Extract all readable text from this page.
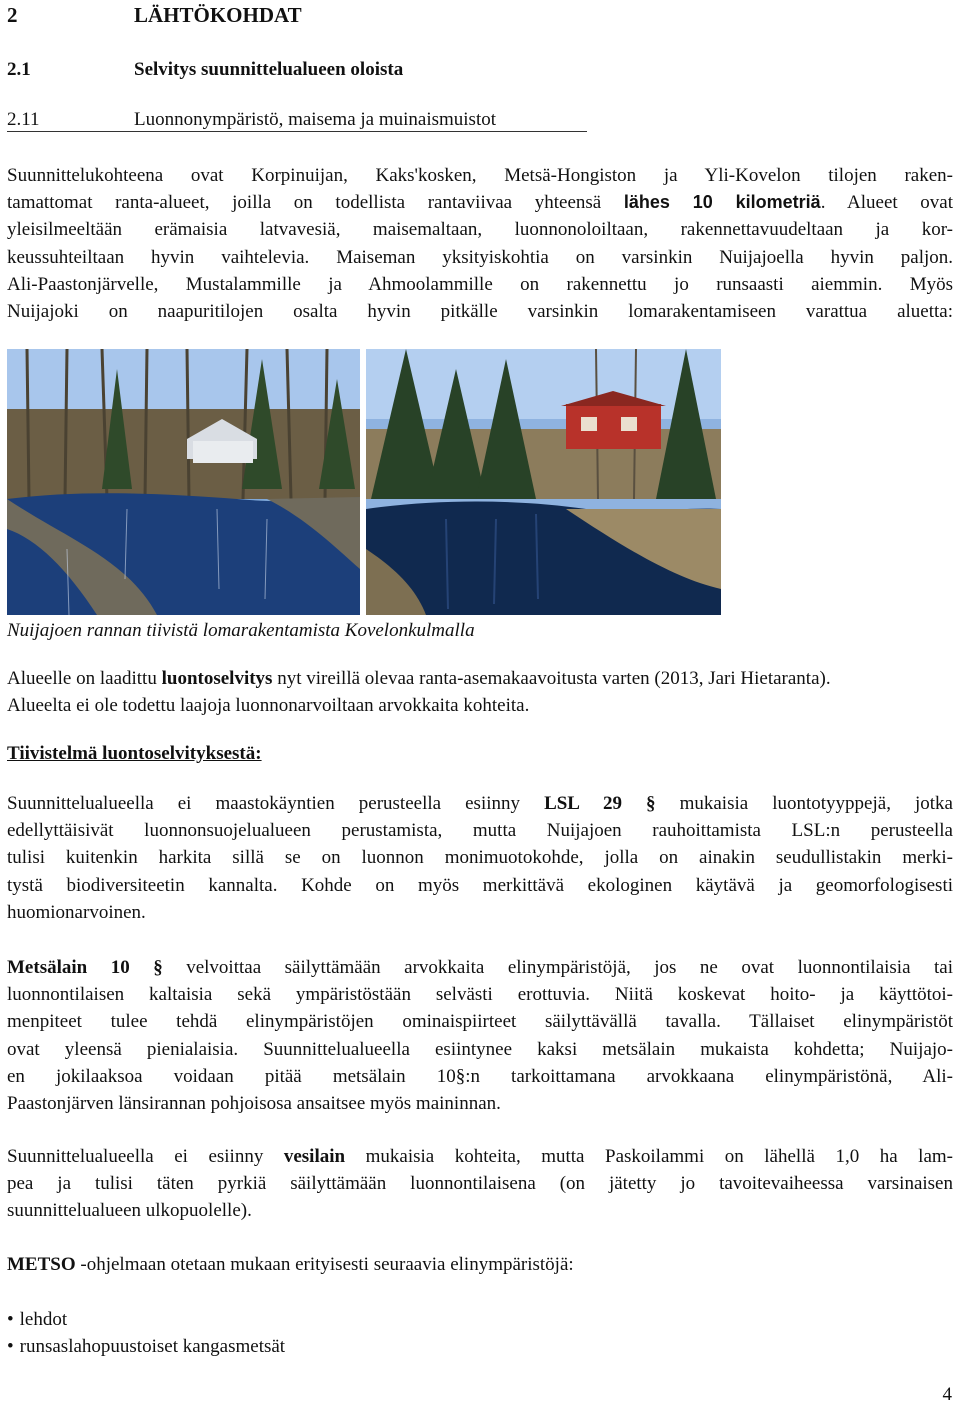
2	LÄHTÖKOHDAT
2.1	Selvitys suunnittelualueen oloista
2.11	Luonnonympäristö, maisema ja muinaismuistot

Suunnittelukohteena ovat Korpinuijan, Kaks'kosken, Metsä-Hongiston ja Yli-Kovelon tilojen raken-
tamattomat ranta-alueet, joilla on todellista rantaviivaa yhteensä lähes 10 kilometriä. Alueet ovat
yleisilmeeltään erämaisia latvavesiä, maisemaltaan, luonnonoloiltaan, rakennettavuudeltaan ja kor-
keussuhteiltaan hyvin vaihtelevia. Maiseman yksityiskohtia on varsinkin Nuijajoella hyvin paljon.
Ali-Paastonjärvelle, Mustalammille ja Ahmoolammille on rakennettu jo runsaasti aiemmin. Myös
Nuijajoki on naapuritilojen osalta hyvin pitkälle varsinkin lomarakentamiseen varattua aluetta:

Nuijajoen rannan tiivistä lomarakentamista Kovelonkulmalla

Alueelle on laadittu luontoselvitys nyt vireillä olevaa ranta-asemakaavoitusta varten (2013, Jari Hietaranta).
Alueelta ei ole todettu laajoja luonnonarvoiltaan arvokkaita kohteita.

Tiivistelmä luontoselvityksestä:

Suunnittelualueella ei maastokäyntien perusteella esiinny LSL 29 § mukaisia luontotyyppejä, jotka
edellyttäisivät luonnonsuojelualueen perustamista, mutta Nuijajoen rauhoittamista LSL:n perusteella
tulisi kuitenkin harkita sillä se on luonnon monimuotokohde, jolla on ainakin seudullistakin merki-
tystä biodiversiteetin kannalta. Kohde on myös merkittävä ekologinen käytävä ja geomorfologisesti
huomionarvoinen.

Metsälain 10 § velvoittaa säilyttämään arvokkaita elinympäristöjä, jos ne ovat luonnontilaisia tai
luonnontilaisen kaltaisia sekä ympäristöstään selvästi erottuvia. Niitä koskevat hoito- ja käyttötoi-
menpiteet tulee tehdä elinympäristöjen ominaispiirteet säilyttävällä tavalla. Tällaiset elinympäristöt
ovat yleensä pienialaisia. Suunnittelualueella esiintynee kaksi metsälain mukaista kohdetta; Nuijajo-
en jokilaaksoa voidaan pitää metsälain 10§:n tarkoittamana arvokkaana elinympäristönä, Ali-
Paastonjärven länsirannan pohjoisosa ansaitsee myös maininnan.

Suunnittelualueella ei esiinny vesilain mukaisia kohteita, mutta Paskoilammi on lähellä 1,0 ha lam-
pea ja tulisi täten pyrkiä säilyttämään luonnontilaisena (on jätetty jo tavoitevaiheessa varsinaisen
suunnittelualueen ulkopuolelle).

METSO -ohjelmaan otetaan mukaan erityisesti seuraavia elinympäristöjä:

• lehdot
• runsaslahopuustoiset kangasmetsät
4
